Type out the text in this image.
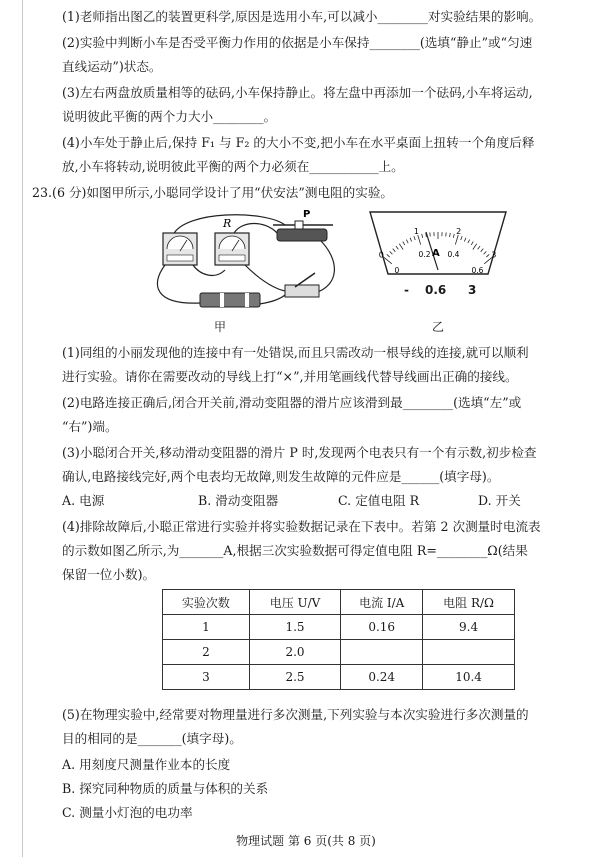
(1)老师指出图乙的装置更科学,原因是选用小车,可以减小________对实验结果的影响。
(2)实验中判断小车是否受平衡力作用的依据是小车保持________(选填“静止”或“匀速
直线运动”)状态。
(3)左右两盘放质量相等的砝码,小车保持静止。将左盘中再添加一个砝码,小车将运动,
说明彼此平衡的两个力大小________。
(4)小车处于静止后,保持 F₁ 与 F₂ 的大小不变,把小车在水平桌面上扭转一个角度后释
放,小车将转动,说明彼此平衡的两个力必须在___________上。
23.(6 分)如图甲所示,小聪同学设计了用“伏安法”测电阻的实验。
R
P
甲
0
1	2
3
0
0.2 0.4
0.6
A
- 0.6 3
乙
(1)同组的小丽发现他的连接中有一处错误,而且只需改动一根导线的连接,就可以顺利
进行实验。请你在需要改动的导线上打“×”,并用笔画线代替导线画出正确的接线。
(2)电路连接正确后,闭合开关前,滑动变阻器的滑片应该滑到最________(选填“左”或
“右”)端。
(3)小聪闭合开关,移动滑动变阻器的滑片 P 时,发现两个电表只有一个有示数,初步检查
确认,电路接线完好,两个电表均无故障,则发生故障的元件应是______(填字母)。
A. 电源	B. 滑动变阻器	C. 定值电阻 R	D. 开关
(4)排除故障后,小聪正常进行实验并将实验数据记录在下表中。若第 2 次测量时电流表
的示数如图乙所示,为_______A,根据三次实验数据可得定值电阻 R=________Ω(结果
保留一位小数)。
实验次数	电压 U/V	电流 I/A	电阻 R/Ω
1	1.5	0.16	9.4
2	2.0		
3	2.5	0.24	10.4
(5)在物理实验中,经常要对物理量进行多次测量,下列实验与本次实验进行多次测量的
目的相同的是_______(填字母)。
A. 用刻度尺测量作业本的长度
B. 探究同种物质的质量与体积的关系
C. 测量小灯泡的电功率
物理试题 第 6 页(共 8 页)
